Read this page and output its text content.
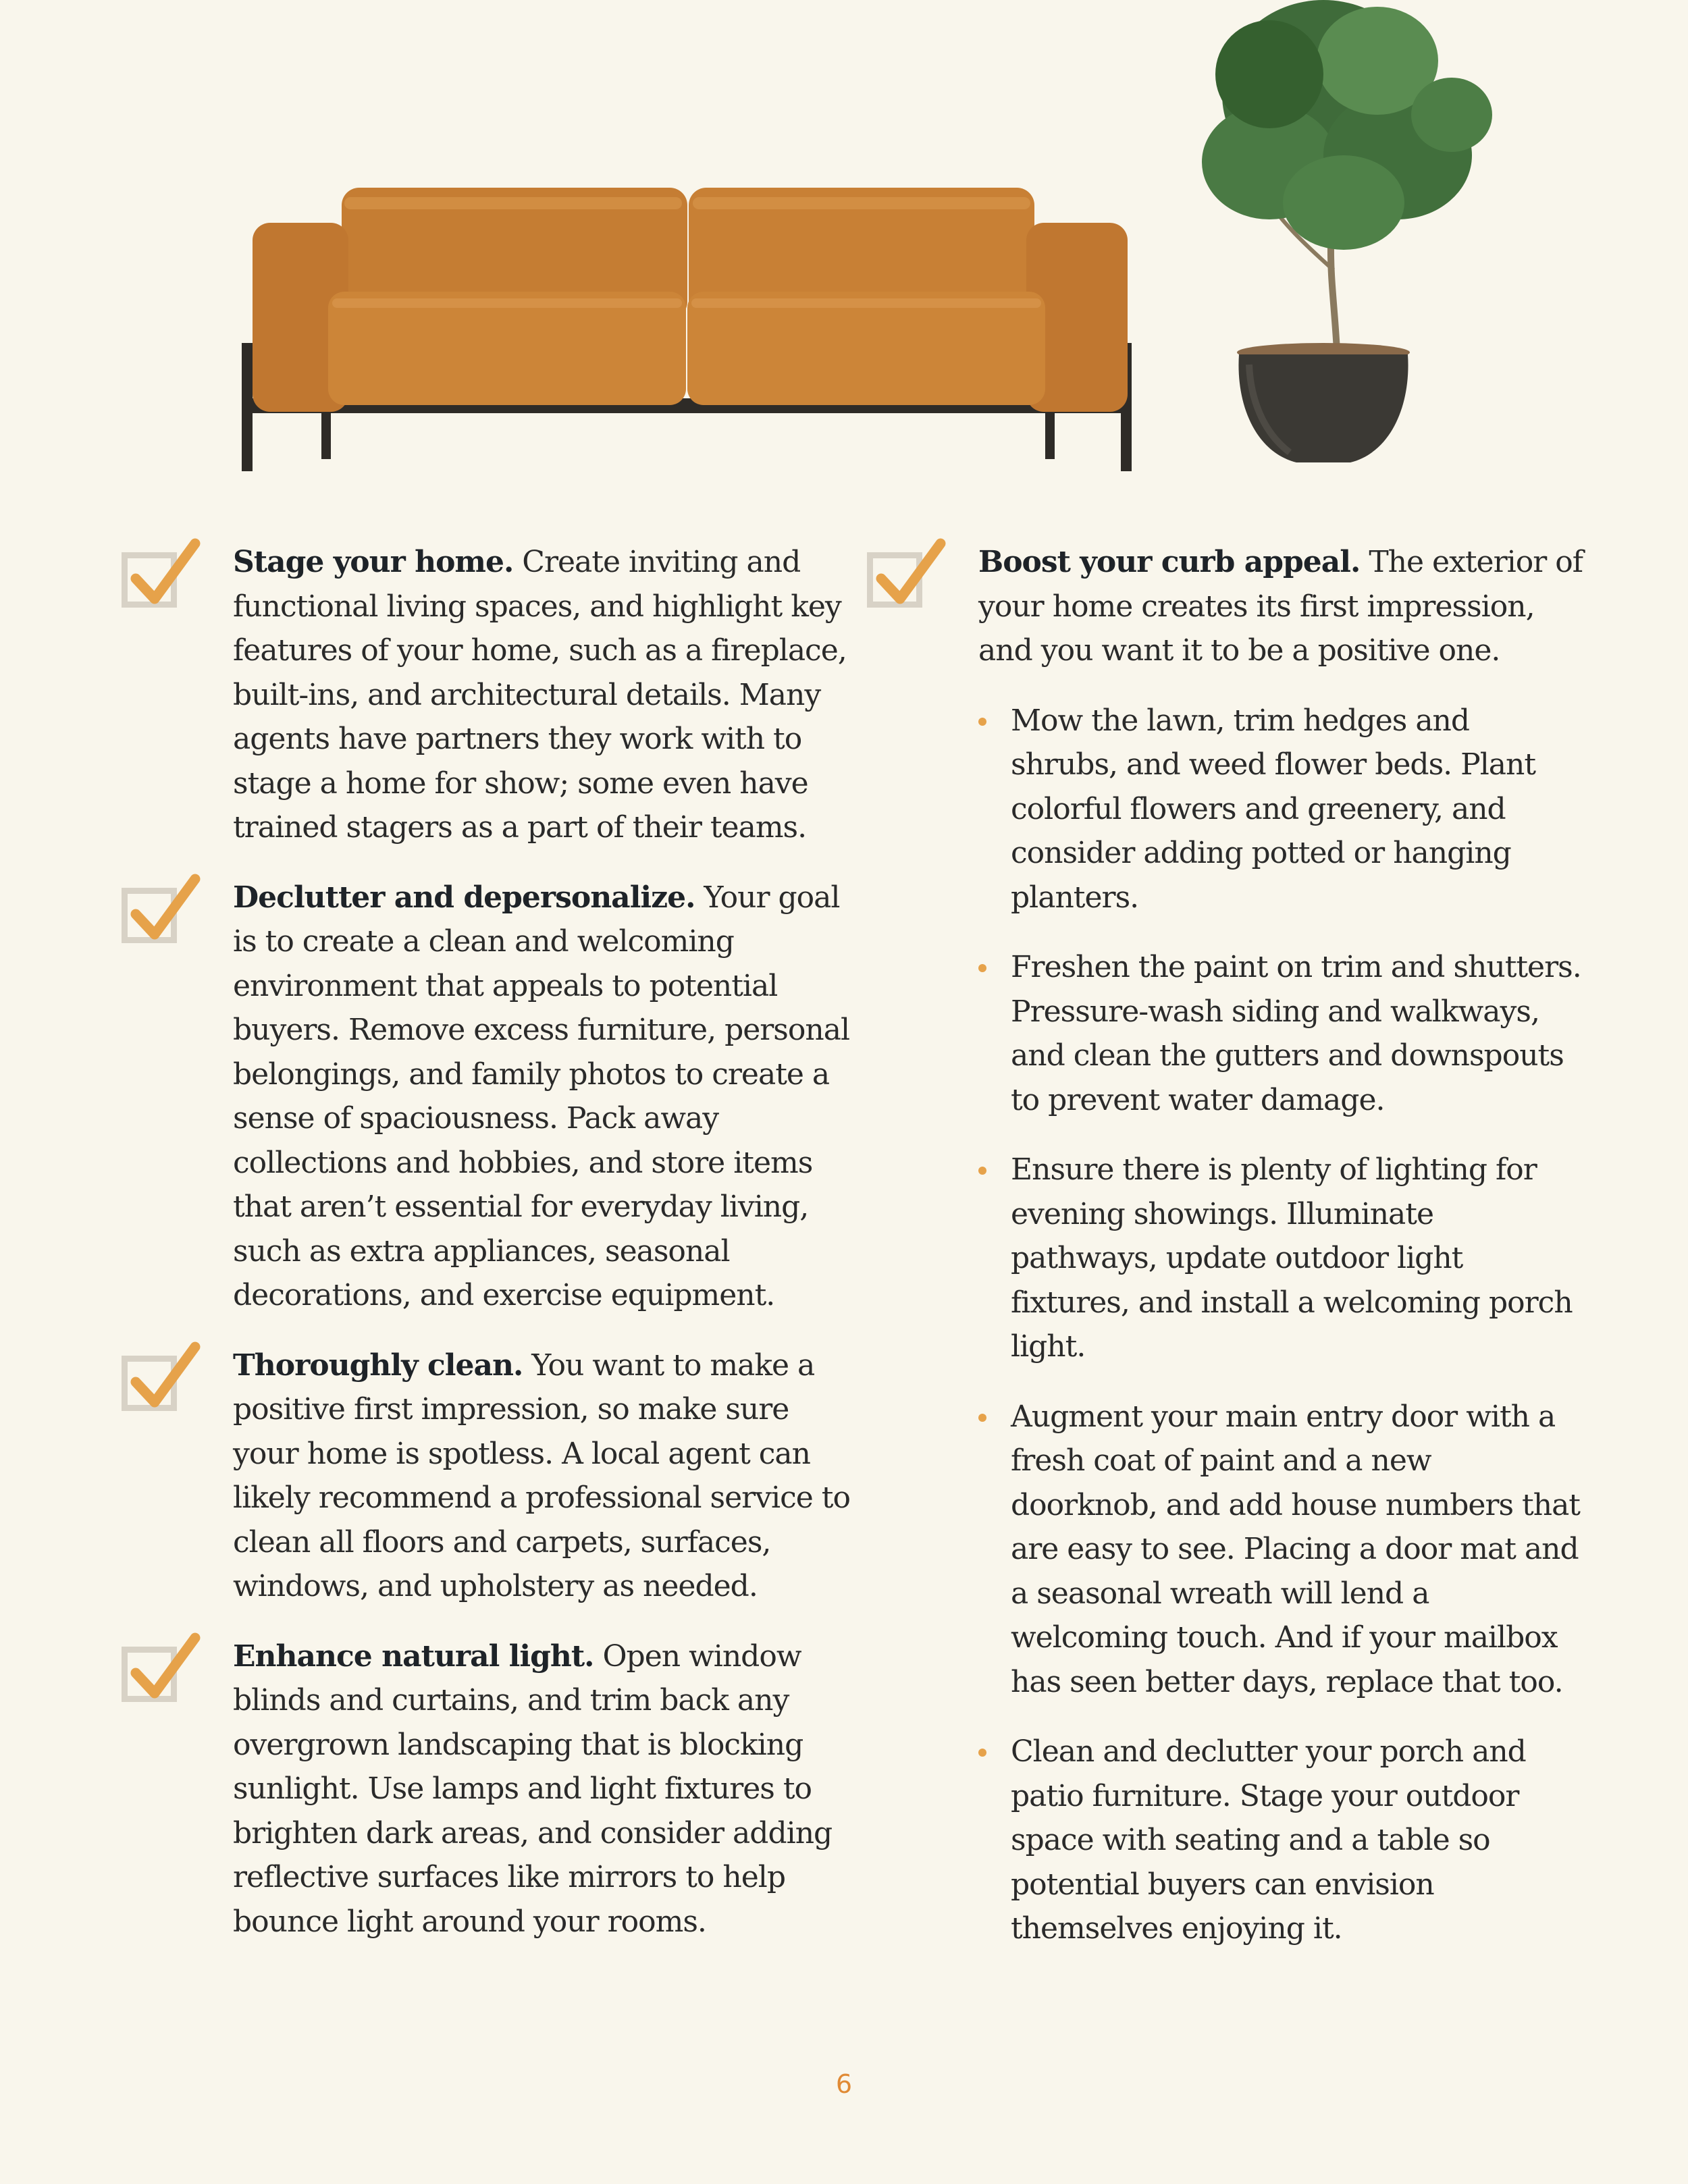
Stage your home. Create inviting and functional living spaces, and highlight key features of your home, such as a fireplace, built-ins, and architectural details. Many agents have partners they work with to stage a home for show; some even have trained stagers as a part of their teams.

Declutter and depersonalize. Your goal is to create a clean and welcoming environment that appeals to potential buyers. Remove excess furniture, personal belongings, and family photos to create a sense of spaciousness. Pack away collections and hobbies, and store items that aren’t essential for everyday living, such as extra appliances, seasonal decorations, and exercise equipment.

Thoroughly clean. You want to make a positive first impression, so make sure your home is spotless. A local agent can likely recommend a professional service to clean all floors and carpets, surfaces, windows, and upholstery as needed.

Enhance natural light. Open window blinds and curtains, and trim back any overgrown landscaping that is blocking sunlight. Use lamps and light fixtures to brighten dark areas, and consider adding reflective surfaces like mirrors to help bounce light around your rooms.

Boost your curb appeal. The exterior of your home creates its first impression, and you want it to be a positive one.

Mow the lawn, trim hedges and shrubs, and weed flower beds. Plant colorful flowers and greenery, and consider adding potted or hanging planters.

Freshen the paint on trim and shutters. Pressure-wash siding and walkways, and clean the gutters and downspouts to prevent water damage.

Ensure there is plenty of lighting for evening showings. Illuminate pathways, update outdoor light fixtures, and install a welcoming porch light.

Augment your main entry door with a fresh coat of paint and a new doorknob, and add house numbers that are easy to see. Placing a door mat and a seasonal wreath will lend a welcoming touch. And if your mailbox has seen better days, replace that too.

Clean and declutter your porch and patio furniture. Stage your outdoor space with seating and a table so potential buyers can envision themselves enjoying it.

6
